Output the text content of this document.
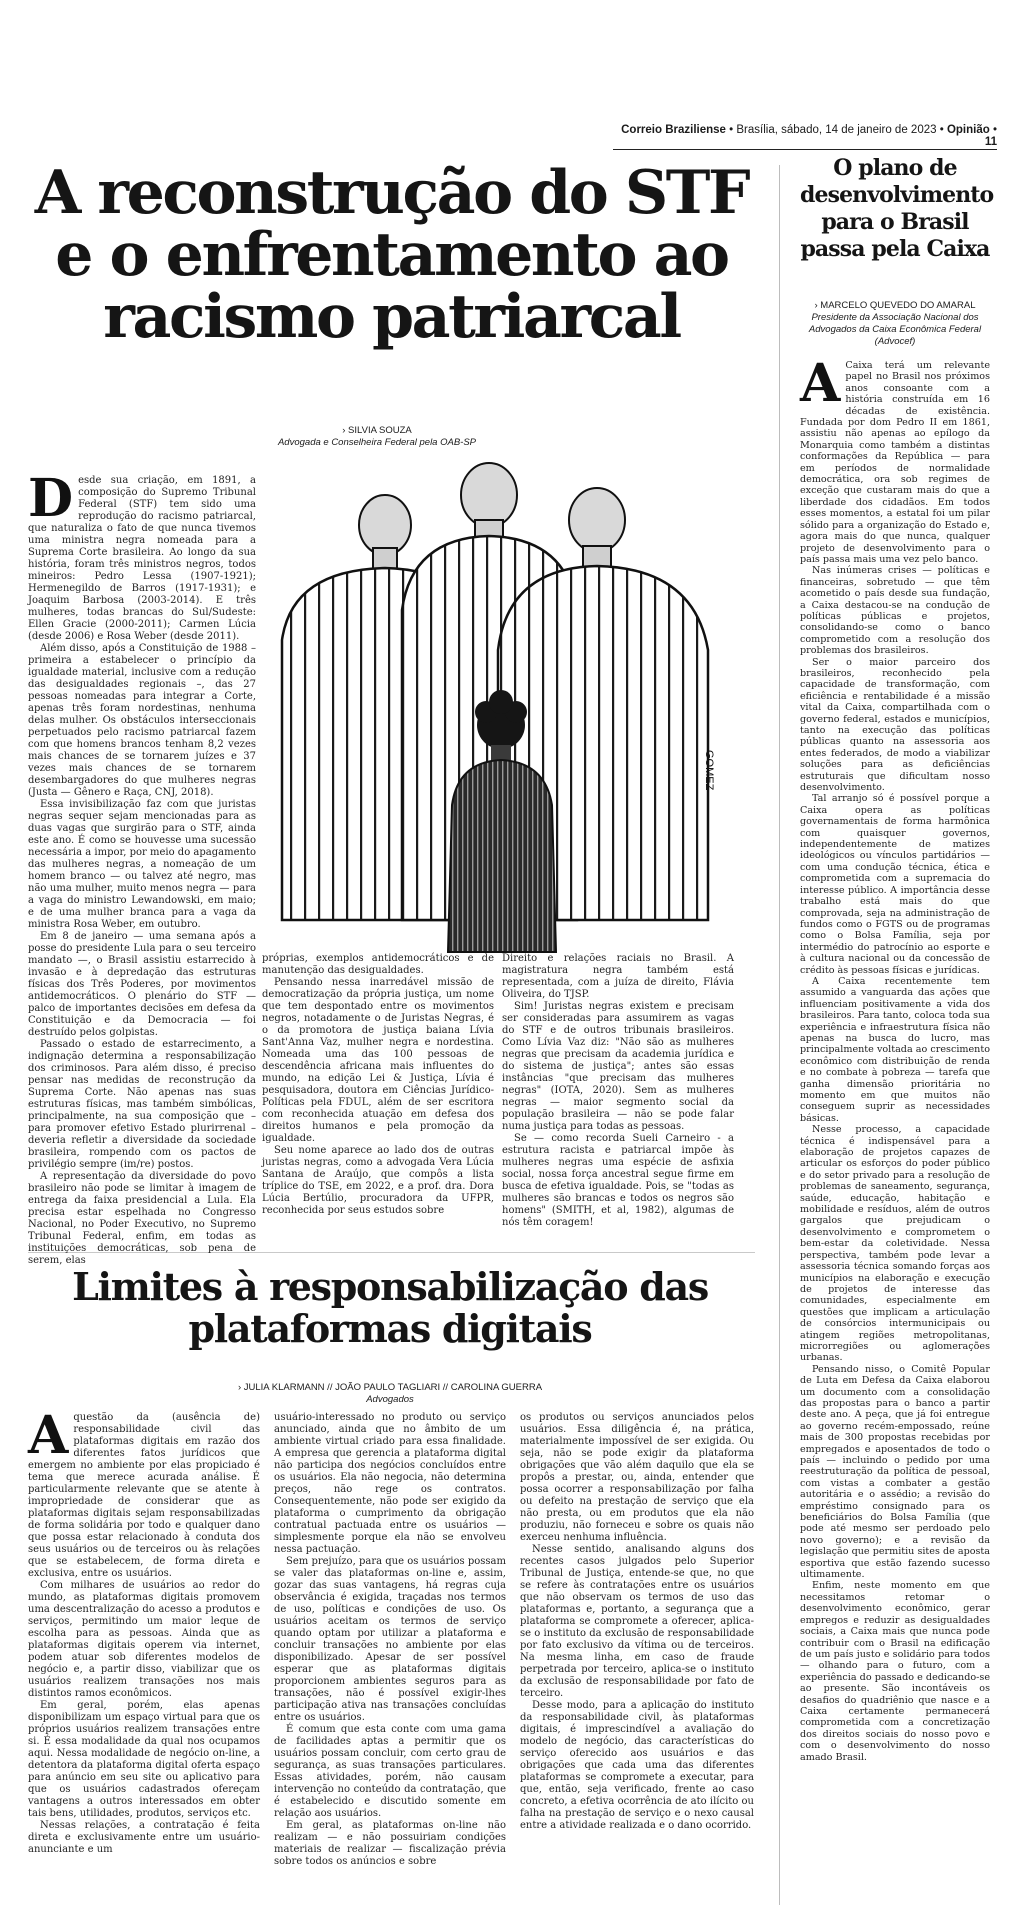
Correio Braziliense • Brasília, sábado, 14 de janeiro de 2023 • Opinião • 11
A reconstrução do STF e o enfrentamento ao racismo patriarcal
› SILVIA SOUZA
Advogada e Conselheira Federal pela OAB-SP
D esde sua criação, em 1891, a composição do Supremo Tribunal Federal (STF) tem sido uma reprodução do racismo patriarcal, que naturaliza o fato de que nunca tivemos uma ministra negra nomeada para a Suprema Corte brasileira. Ao longo da sua história, foram três ministros negros, todos mineiros: Pedro Lessa (1907-1921); Hermenegildo de Barros (1917-1931); e Joaquim Barbosa (2003-2014). E três mulheres, todas brancas do Sul/Sudeste: Ellen Gracie (2000-2011); Carmen Lúcia (desde 2006) e Rosa Weber (desde 2011).

Além disso, após a Constituição de 1988 – primeira a estabelecer o princípio da igualdade material, inclusive com a redução das desigualdades regionais –, das 27 pessoas nomeadas para integrar a Corte, apenas três foram nordestinas, nenhuma delas mulher. Os obstáculos interseccionais perpetuados pelo racismo patriarcal fazem com que homens brancos tenham 8,2 vezes mais chances de se tornarem juízes e 37 vezes mais chances de se tornarem desembargadores do que mulheres negras (Justa — Gênero e Raça, CNJ, 2018).

Essa invisibilização faz com que juristas negras sequer sejam mencionadas para as duas vagas que surgirão para o STF, ainda este ano. É como se houvesse uma sucessão necessária a impor, por meio do apagamento das mulheres negras, a nomeação de um homem branco — ou talvez até negro, mas não uma mulher, muito menos negra — para a vaga do ministro Lewandowski, em maio; e de uma mulher branca para a vaga da ministra Rosa Weber, em outubro.

Em 8 de janeiro — uma semana após a posse do presidente Lula para o seu terceiro mandato —, o Brasil assistiu estarrecido à invasão e à depredação das estruturas físicas dos Três Poderes, por movimentos antidemocráticos. O plenário do STF — palco de importantes decisões em defesa da Constituição e da Democracia — foi destruído pelos golpistas.

Passado o estado de estarrecimento, a indignação determina a responsabilização dos criminosos. Para além disso, é preciso pensar nas medidas de reconstrução da Suprema Corte. Não apenas nas suas estruturas físicas, mas também simbólicas, principalmente, na sua composição que – para promover efetivo Estado plurirrenal – deveria refletir a diversidade da sociedade brasileira, rompendo com os pactos de privilégio sempre (im/re) postos.

A representação da diversidade do povo brasileiro não pode se limitar à imagem de entrega da faixa presidencial a Lula. Ela precisa estar espelhada no Congresso Nacional, no Poder Executivo, no Supremo Tribunal Federal, enfim, em todas as instituições democráticas, sob pena de serem, elas

GOMEZ

próprias, exemplos antidemocráticos e de manutenção das desigualdades.

Pensando nessa inarredável missão de democratização da própria justiça, um nome que tem despontado entre os movimentos negros, notadamente o de Juristas Negras, é o da promotora de justiça baiana Lívia Sant'Anna Vaz, mulher negra e nordestina. Nomeada uma das 100 pessoas de descendência africana mais influentes do mundo, na edição Lei & Justiça, Lívia é pesquisadora, doutora em Ciências Jurídico-Políticas pela FDUL, além de ser escritora com reconhecida atuação em defesa dos direitos humanos e pela promoção da igualdade.

Seu nome aparece ao lado dos de outras juristas negras, como a advogada Vera Lúcia Santana de Araújo, que compôs a lista tríplice do TSE, em 2022, e a prof. dra. Dora Lúcia Bertúlio, procuradora da UFPR, reconhecida por seus estudos sobre

Direito e relações raciais no Brasil. A magistratura negra também está representada, com a juíza de direito, Flávia Oliveira, do TJSP.

Sim! Juristas negras existem e precisam ser consideradas para assumirem as vagas do STF e de outros tribunais brasileiros. Como Lívia Vaz diz: "Não são as mulheres negras que precisam da academia jurídica e do sistema de justiça"; antes são essas instâncias "que precisam das mulheres negras" (IOTA, 2020). Sem as mulheres negras — maior segmento social da população brasileira — não se pode falar numa justiça para todas as pessoas.

Se — como recorda Sueli Carneiro - a estrutura racista e patriarcal impõe às mulheres negras uma espécie de asfixia social, nossa força ancestral segue firme em busca de efetiva igualdade. Pois, se "todas as mulheres são brancas e todos os negros são homens" (SMITH, et al, 1982), algumas de nós têm coragem!

Limites à responsabilização das plataformas digitais
› JULIA KLARMANN // JOÃO PAULO TAGLIARI // CAROLINA GUERRA
Advogados
A questão da (ausência de) responsabilidade civil das plataformas digitais em razão dos diferentes fatos jurídicos que emergem no ambiente por elas propiciado é tema que merece acurada análise. É particularmente relevante que se atente à impropriedade de considerar que as plataformas digitais sejam responsabilizadas de forma solidária por todo e qualquer dano que possa estar relacionado à conduta dos seus usuários ou de terceiros ou às relações que se estabelecem, de forma direta e exclusiva, entre os usuários.

Com milhares de usuários ao redor do mundo, as plataformas digitais promovem uma descentralização do acesso a produtos e serviços, permitindo um maior leque de escolha para as pessoas. Ainda que as plataformas digitais operem via internet, podem atuar sob diferentes modelos de negócio e, a partir disso, viabilizar que os usuários realizem transações nos mais distintos ramos econômicos.

Em geral, porém, elas apenas disponibilizam um espaço virtual para que os próprios usuários realizem transações entre si. É essa modalidade da qual nos ocupamos aqui. Nessa modalidade de negócio on-line, a detentora da plataforma digital oferta espaço para anúncio em seu site ou aplicativo para que os usuários cadastrados ofereçam vantagens a outros interessados em obter tais bens, utilidades, produtos, serviços etc.

Nessas relações, a contratação é feita direta e exclusivamente entre um usuário-anunciante e um

usuário-interessado no produto ou serviço anunciado, ainda que no âmbito de um ambiente virtual criado para essa finalidade. A empresa que gerencia a plataforma digital não participa dos negócios concluídos entre os usuários. Ela não negocia, não determina preços, não rege os contratos. Consequentemente, não pode ser exigido da plataforma o cumprimento da obrigação contratual pactuada entre os usuários — simplesmente porque ela não se envolveu nessa pactuação.

Sem prejuízo, para que os usuários possam se valer das plataformas on-line e, assim, gozar das suas vantagens, há regras cuja observância é exigida, traçadas nos termos de uso, políticas e condições de uso. Os usuários aceitam os termos de serviço quando optam por utilizar a plataforma e concluir transações no ambiente por elas disponibilizado. Apesar de ser possível esperar que as plataformas digitais proporcionem ambientes seguros para as transações, não é possível exigir-lhes participação ativa nas transações concluídas entre os usuários.

É comum que esta conte com uma gama de facilidades aptas a permitir que os usuários possam concluir, com certo grau de segurança, as suas transações particulares. Essas atividades, porém, não causam intervenção no conteúdo da contratação, que é estabelecido e discutido somente em relação aos usuários.

Em geral, as plataformas on-line não realizam — e não possuiriam condições materiais de realizar — fiscalização prévia sobre todos os anúncios e sobre

os produtos ou serviços anunciados pelos usuários. Essa diligência é, na prática, materialmente impossível de ser exigida. Ou seja, não se pode exigir da plataforma obrigações que vão além daquilo que ela se propôs a prestar, ou, ainda, entender que possa ocorrer a responsabilização por falha ou defeito na prestação de serviço que ela não presta, ou em produtos que ela não produziu, não forneceu e sobre os quais não exerceu nenhuma influência.

Nesse sentido, analisando alguns dos recentes casos julgados pelo Superior Tribunal de Justiça, entende-se que, no que se refere às contratações entre os usuários que não observam os termos de uso das plataformas e, portanto, a segurança que a plataforma se compromete a oferecer, aplica-se o instituto da exclusão de responsabilidade por fato exclusivo da vítima ou de terceiros. Na mesma linha, em caso de fraude perpetrada por terceiro, aplica-se o instituto da exclusão de responsabilidade por fato de terceiro.

Desse modo, para a aplicação do instituto da responsabilidade civil, às plataformas digitais, é imprescindível a avaliação do modelo de negócio, das características do serviço oferecido aos usuários e das obrigações que cada uma das diferentes plataformas se compromete a executar, para que, então, seja verificado, frente ao caso concreto, a efetiva ocorrência de ato ilícito ou falha na prestação de serviço e o nexo causal entre a atividade realizada e o dano ocorrido.

O plano de desenvolvimento para o Brasil passa pela Caixa
› MARCELO QUEVEDO DO AMARAL
Presidente da Associação Nacional dos Advogados da Caixa Econômica Federal (Advocef)
A Caixa terá um relevante papel no Brasil nos próximos anos consoante com a história construída em 16 décadas de existência. Fundada por dom Pedro II em 1861, assistiu não apenas ao epílogo da Monarquia como também a distintas conformações da República — para em períodos de normalidade democrática, ora sob regimes de exceção que custaram mais do que a liberdade dos cidadãos. Em todos esses momentos, a estatal foi um pilar sólido para a organização do Estado e, agora mais do que nunca, qualquer projeto de desenvolvimento para o país passa mais uma vez pelo banco.

Nas inúmeras crises — políticas e financeiras, sobretudo — que têm acometido o país desde sua fundação, a Caixa destacou-se na condução de políticas públicas e projetos, consolidando-se como o banco comprometido com a resolução dos problemas dos brasileiros.

Ser o maior parceiro dos brasileiros, reconhecido pela capacidade de transformação, com eficiência e rentabilidade é a missão vital da Caixa, compartilhada com o governo federal, estados e municípios, tanto na execução das políticas públicas quanto na assessoria aos entes federados, de modo a viabilizar soluções para as deficiências estruturais que dificultam nosso desenvolvimento.

Tal arranjo só é possível porque a Caixa opera as políticas governamentais de forma harmônica com quaisquer governos, independentemente de matizes ideológicos ou vínculos partidários — com uma condução técnica, ética e comprometida com a supremacia do interesse público. A importância desse trabalho está mais do que comprovada, seja na administração de fundos como o FGTS ou de programas como o Bolsa Família, seja por intermédio do patrocínio ao esporte e à cultura nacional ou da concessão de crédito às pessoas físicas e jurídicas.

A Caixa recentemente tem assumido a vanguarda das ações que influenciam positivamente a vida dos brasileiros. Para tanto, coloca toda sua experiência e infraestrutura física não apenas na busca do lucro, mas principalmente voltada ao crescimento econômico com distribuição de renda e no combate à pobreza — tarefa que ganha dimensão prioritária no momento em que muitos não conseguem suprir as necessidades básicas.

Nesse processo, a capacidade técnica é indispensável para a elaboração de projetos capazes de articular os esforços do poder público e do setor privado para a resolução de problemas de saneamento, segurança, saúde, educação, habitação e mobilidade e resíduos, além de outros gargalos que prejudicam o desenvolvimento e comprometem o bem-estar da coletividade. Nessa perspectiva, também pode levar a assessoria técnica somando forças aos municípios na elaboração e execução de projetos de interesse das comunidades, especialmente em questões que implicam a articulação de consórcios intermunicipais ou atingem regiões metropolitanas, microrregiões ou aglomerações urbanas.

Pensando nisso, o Comitê Popular de Luta em Defesa da Caixa elaborou um documento com a consolidação das propostas para o banco a partir deste ano. A peça, que já foi entregue ao governo recém-empossado, reúne mais de 300 propostas recebidas por empregados e aposentados de todo o país — incluindo o pedido por uma reestruturação da política de pessoal, com vistas a combater a gestão autoritária e o assédio; a revisão do empréstimo consignado para os beneficiários do Bolsa Família (que pode até mesmo ser perdoado pelo novo governo); e a revisão da legislação que permitiu sites de aposta esportiva que estão fazendo sucesso ultimamente.

Enfim, neste momento em que necessitamos retomar o desenvolvimento econômico, gerar empregos e reduzir as desigualdades sociais, a Caixa mais que nunca pode contribuir com o Brasil na edificação de um país justo e solidário para todos — olhando para o futuro, com a experiência do passado e dedicando-se ao presente. São incontáveis os desafios do quadriênio que nasce e a Caixa certamente permanecerá comprometida com a concretização dos direitos sociais do nosso povo e com o desenvolvimento do nosso amado Brasil.
